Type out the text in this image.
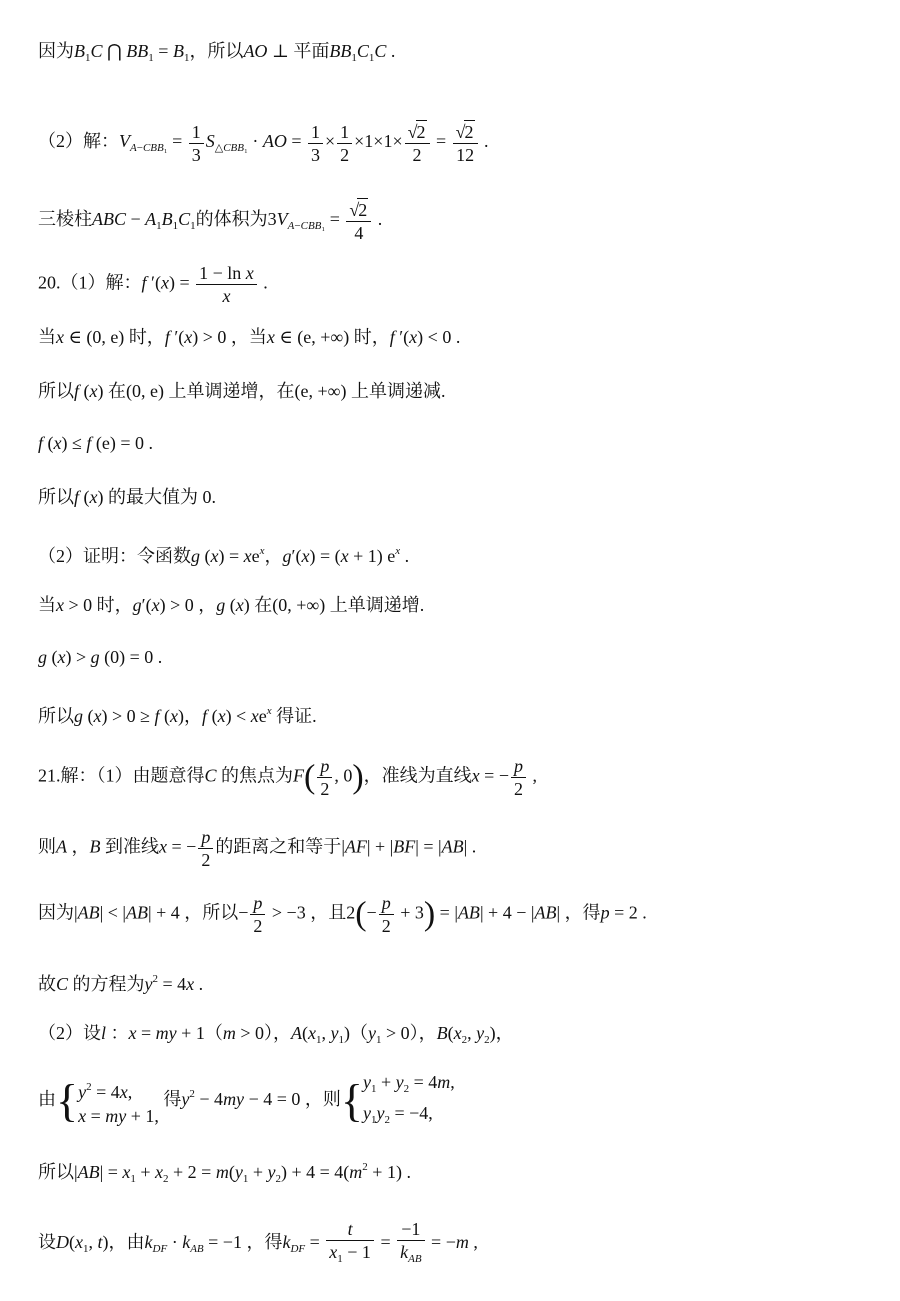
因为$B_1C$ ⋂ $BB_1 = B_1$，所以AO ⊥ 平面$BB_1C_1C$ .
（2）解：$V_{A-CBB_1} = \frac{1}{3} S_{\triangle CBB_1}$ · AO = $\frac{1}{3} \times \frac{1}{2} \times 1\times 1\times \frac{√2}{2} = \frac{√2}{12}$ .
三棱柱ABC − $A_1B_1C_1$的体积为$3V_{A-CBB_1} = \frac{√2}{4}$ .
20.（1）解：f $'(x) = \frac{\text{1 − ln x}}{x}$ .
当x ∈ (0, e) 时，f ′(x) > 0 ，当x ∈ (e, +∞) 时，f ′(x) < 0 .
所以f (x) 在(0, e) 上单调递增，在(e, +∞) 上单调递减.
f (x) ≤ f (e) = 0 .
所以f (x) 的最大值为 0.
（2）证明：令函数g $(x) = xe^x$，g′(x) = (x + 1) $e^x$ .
当x > 0 时，g′(x) > 0 ，g (x) 在(0, +∞) 上单调递增.
g (x) > g (0) = 0 .
所以g (x) > 0 ≥ f (x)，f $(x) < xe^x$ 得证.
21.解：（1）由题意得C 的焦点为$F( \frac{p}{2}$ , 0)，准线为直线x = − $\frac{p}{2}$ ,
则A ，B 到准线x = − $\frac{p}{2}$ 的距离之和等于|AF| + |BF| = |AB| .
因为|AB| < |AB| + 4 ，所以− $\frac{p}{2} > -3$ ，且$2(- \frac{p}{2} + 3) = |AB| + 4 - |AB|$ ，得p = 2 .
故C 的方程为$y^2 = 4x$ .
（2）设l ：x = my + 1（m > 0），$A(x_1$, $y_1)(y_1 > 0)$，$B(x_2$, $y_2$)，
由{ $y^2 = 4x$,
x = my + 1,
得$y^2 - 4my - 4 = 0$ ，则{ $y_1 + y_2 = 4m$,
$y_1y_2 = -4$,
所以$|AB| = x_1 + x_2 + 2 = m(y_1 + y_2) + 4 = 4(m^2 + 1)$ .
设$D(x_1$, t)，由$k_{DF} \cdot k_{AB} = -1$ ，得$k_{DF} = \frac{t}{x_1 - 1} = \frac{-1}{k_{AB}} = -m$ ,
